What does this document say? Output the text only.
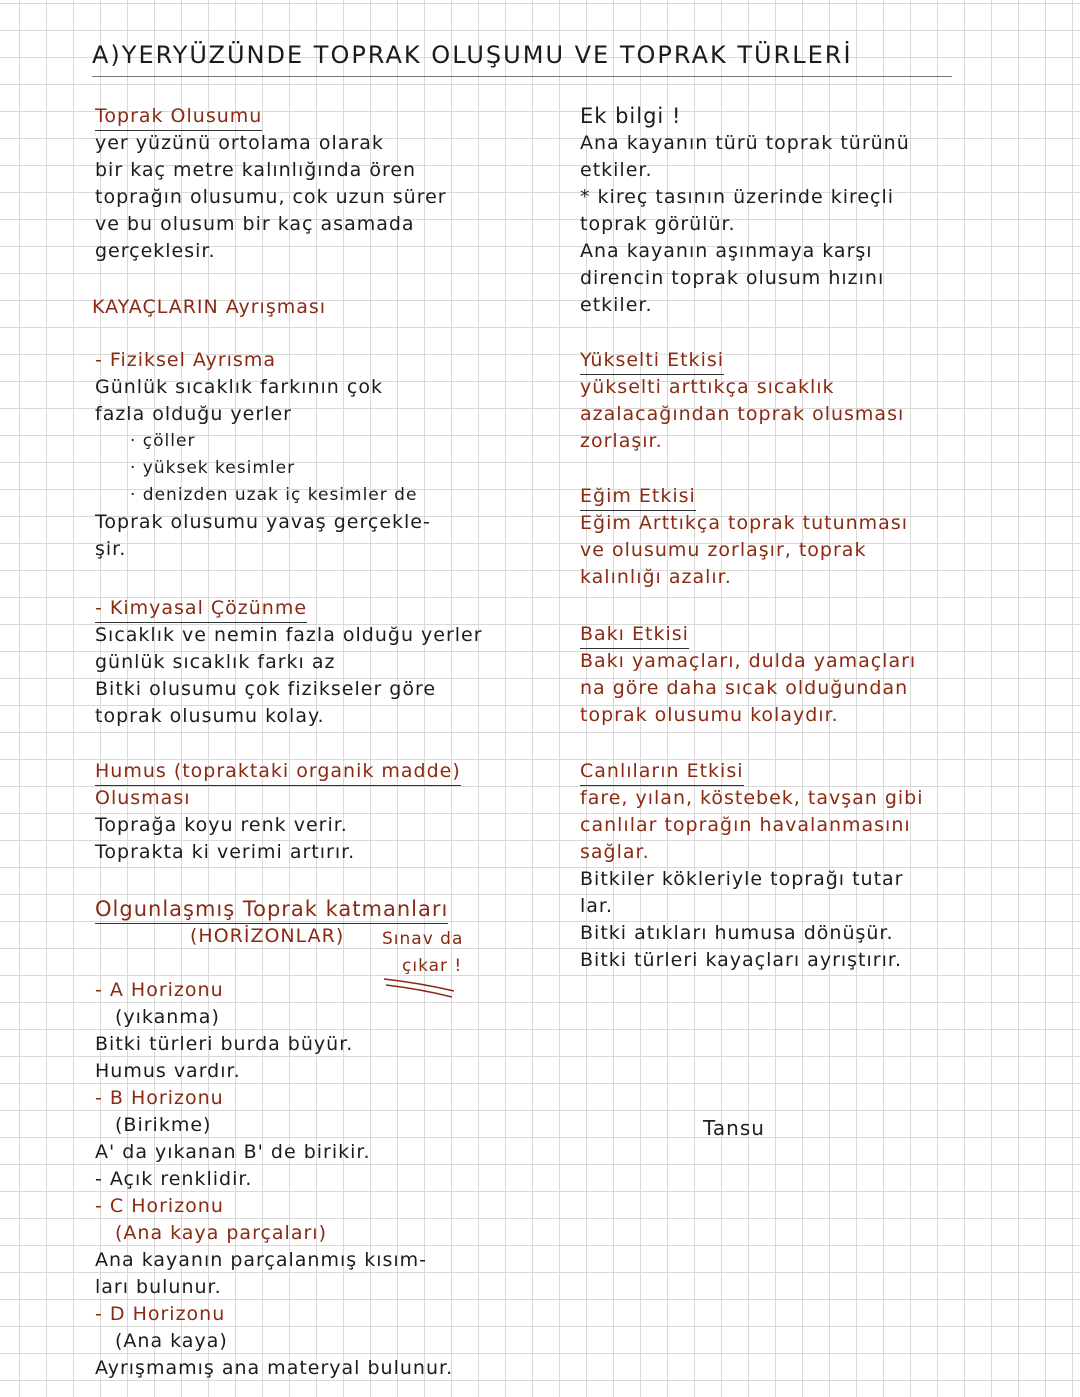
A)YERYÜZÜNDE TOPRAK OLUŞUMU VE TOPRAK TÜRLERİ
Toprak Olusumu
yer yüzünü ortolama olarak
bir kaç metre kalınlığında ören
toprağın olusumu, cok uzun sürer
ve bu olusum bir kaç asamada
gerçeklesir.
KAYAÇLARIN Ayrışması
- Fiziksel Ayrısma
Günlük sıcaklık farkının çok
fazla olduğu yerler
· çöller
· yüksek kesimler
· denizden uzak iç kesimler de
Toprak olusumu yavaş gerçekle-
şir.
- Kimyasal Çözünme
Sıcaklık ve nemin fazla olduğu yerler
günlük sıcaklık farkı az
Bitki olusumu çok fizikseler göre
toprak olusumu kolay.
Humus (topraktaki organik madde)
Olusması
Toprağa koyu renk verir.
Toprakta ki verimi artırır.
Olgunlaşmış Toprak katmanları
(HORİZONLAR) Sınav da
çıkar !
- A Horizonu
(yıkanma)
Bitki türleri burda büyür.
Humus vardır.
- B Horizonu
(Birikme)
A' da yıkanan B' de birikir.
- Açık renklidir.
- C Horizonu
(Ana kaya parçaları)
Ana kayanın parçalanmış kısım-
ları bulunur.
- D Horizonu
(Ana kaya)
Ayrışmamış ana materyal bulunur.
Ek bilgi !
Ana kayanın türü toprak türünü
etkiler.
* kireç tasının üzerinde kireçli
toprak görülür.
Ana kayanın aşınmaya karşı
direncin toprak olusum hızını
etkiler.
Yükselti Etkisi
yükselti arttıkça sıcaklık
azalacağından toprak olusması
zorlaşır.
Eğim Etkisi
Eğim Arttıkça toprak tutunması
ve olusumu zorlaşır, toprak
kalınlığı azalır.
Bakı Etkisi
Bakı yamaçları, dulda yamaçları
na göre daha sıcak olduğundan
toprak olusumu kolaydır.
Canlıların Etkisi
fare, yılan, köstebek, tavşan gibi
canlılar toprağın havalanmasını
sağlar.
Bitkiler kökleriyle toprağı tutar
lar.
Bitki atıkları humusa dönüşür.
Bitki türleri kayaçları ayrıştırır.
Tansu
